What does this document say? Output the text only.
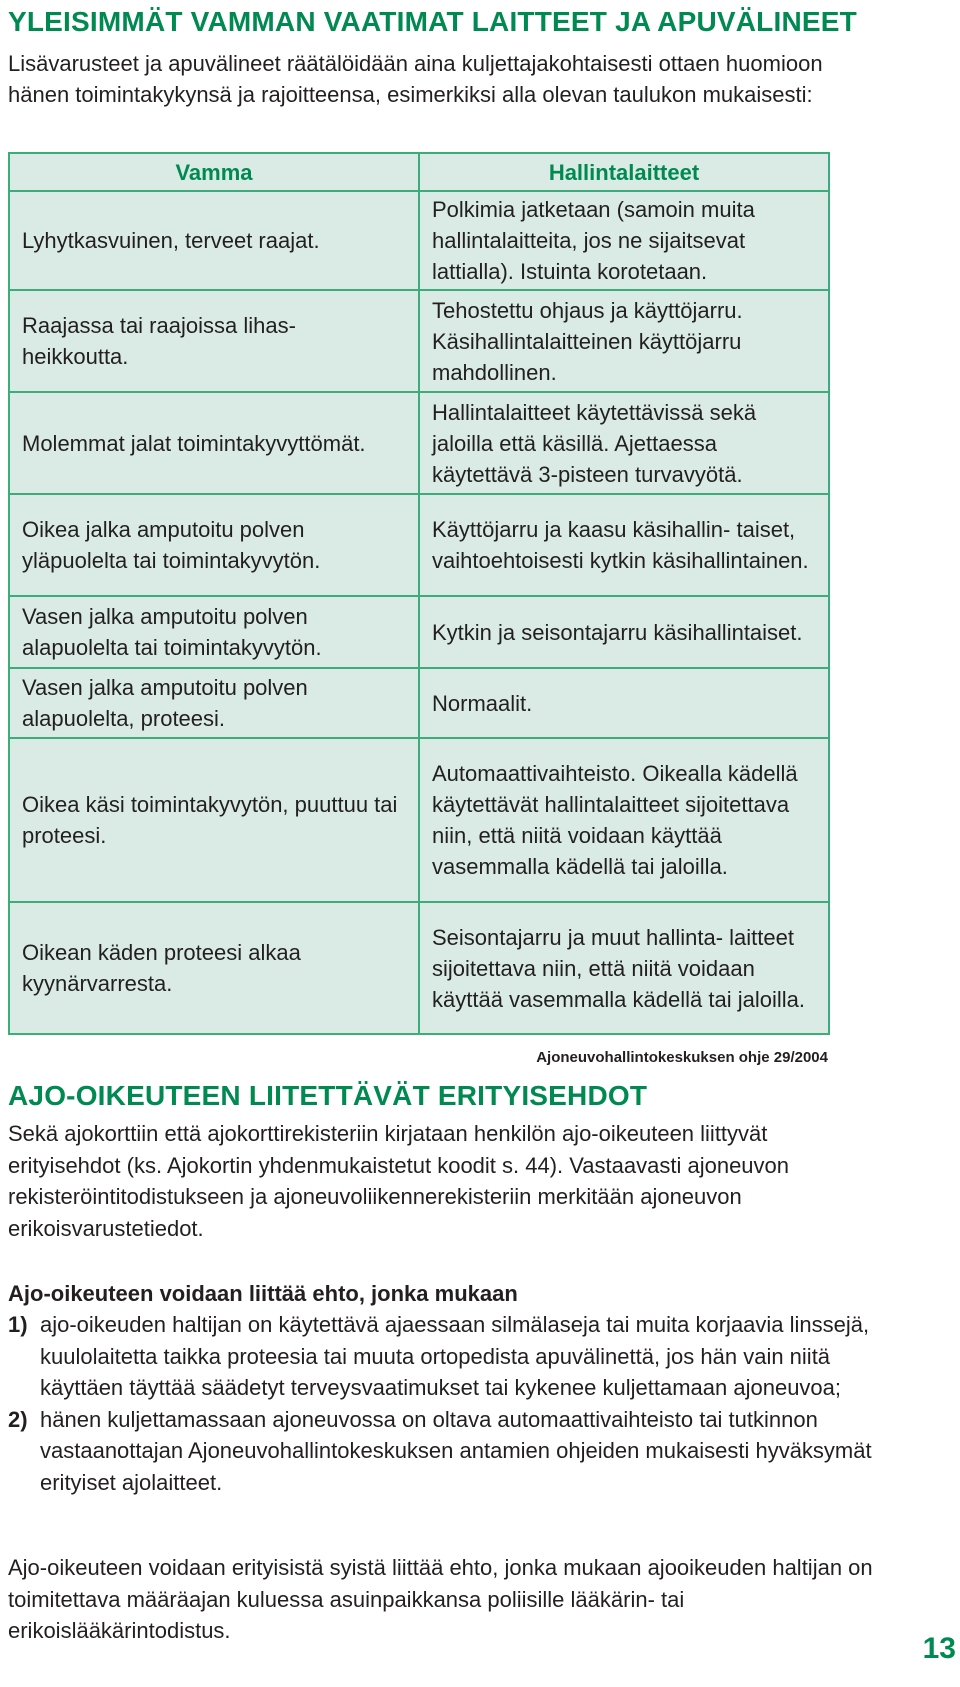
YLEISIMMÄT VAMMAN VAATIMAT LAITTEET JA APUVÄLINEET

Lisävarusteet ja apuvälineet räätälöidään aina kuljettajakohtaisesti ottaen huomioon hänen toimintakykynsä ja rajoitteensa, esimerkiksi alla olevan taulukon mukaisesti:

Vamma	Hallintalaitteet
Lyhytkasvuinen, terveet raajat.	Polkimia jatketaan (samoin muita hallintalaitteita, jos ne sijaitsevat lattialla). Istuinta korotetaan.
Raajassa tai raajoissa lihas- heikkoutta.	Tehostettu ohjaus ja käyttöjarru. Käsihallintalaitteinen käyttöjarru mahdollinen.
Molemmat jalat toimintakyvyttömät.	Hallintalaitteet käytettävissä sekä jaloilla että käsillä. Ajettaessa käytettävä 3-pisteen turvavyötä.
Oikea jalka amputoitu polven yläpuolelta tai toimintakyvytön.	Käyttöjarru ja kaasu käsihallin- taiset, vaihtoehtoisesti kytkin käsihallintainen.
Vasen jalka amputoitu polven alapuolelta tai toimintakyvytön.	Kytkin ja seisontajarru käsihallintaiset.
Vasen jalka amputoitu polven alapuolelta, proteesi.	Normaalit.
Oikea käsi toimintakyvytön, puuttuu tai proteesi.	Automaattivaihteisto. Oikealla kädellä käytettävät hallintalaitteet sijoitettava niin, että niitä voidaan käyttää vasemmalla kädellä tai jaloilla.
Oikean käden proteesi alkaa kyynärvarresta.	Seisontajarru ja muut hallinta- laitteet sijoitettava niin, että niitä voidaan käyttää vasemmalla kädellä tai jaloilla.
Ajoneuvohallintokeskuksen ohje 29/2004
AJO-OIKEUTEEN LIITETTÄVÄT ERITYISEHDOT

Sekä ajokorttiin että ajokorttirekisteriin kirjataan henkilön ajo-oikeuteen liittyvät erityisehdot (ks. Ajokortin yhdenmukaistetut koodit s. 44). Vastaavasti ajoneuvon rekisteröintitodistukseen ja ajoneuvoliikennerekisteriin merkitään ajoneuvon erikoisvarustetiedot.

Ajo-oikeuteen voidaan liittää ehto, jonka mukaan

1) ajo-oikeuden haltijan on käytettävä ajaessaan silmälaseja tai muita korjaavia linssejä, kuulolaitetta taikka proteesia tai muuta ortopedista apuvälinettä, jos hän vain niitä käyttäen täyttää säädetyt terveysvaatimukset tai kykenee kuljettamaan ajoneuvoa;
2) hänen kuljettamassaan ajoneuvossa on oltava automaattivaihteisto tai tutkinnon vastaanottajan Ajoneuvohallintokeskuksen antamien ohjeiden mukaisesti hyväksymät erityiset ajolaitteet.

Ajo-oikeuteen voidaan erityisistä syistä liittää ehto, jonka mukaan ajooikeuden haltijan on toimitettava määräajan kuluessa asuinpaikkansa poliisille lääkärin- tai erikoislääkärintodistus.

13
